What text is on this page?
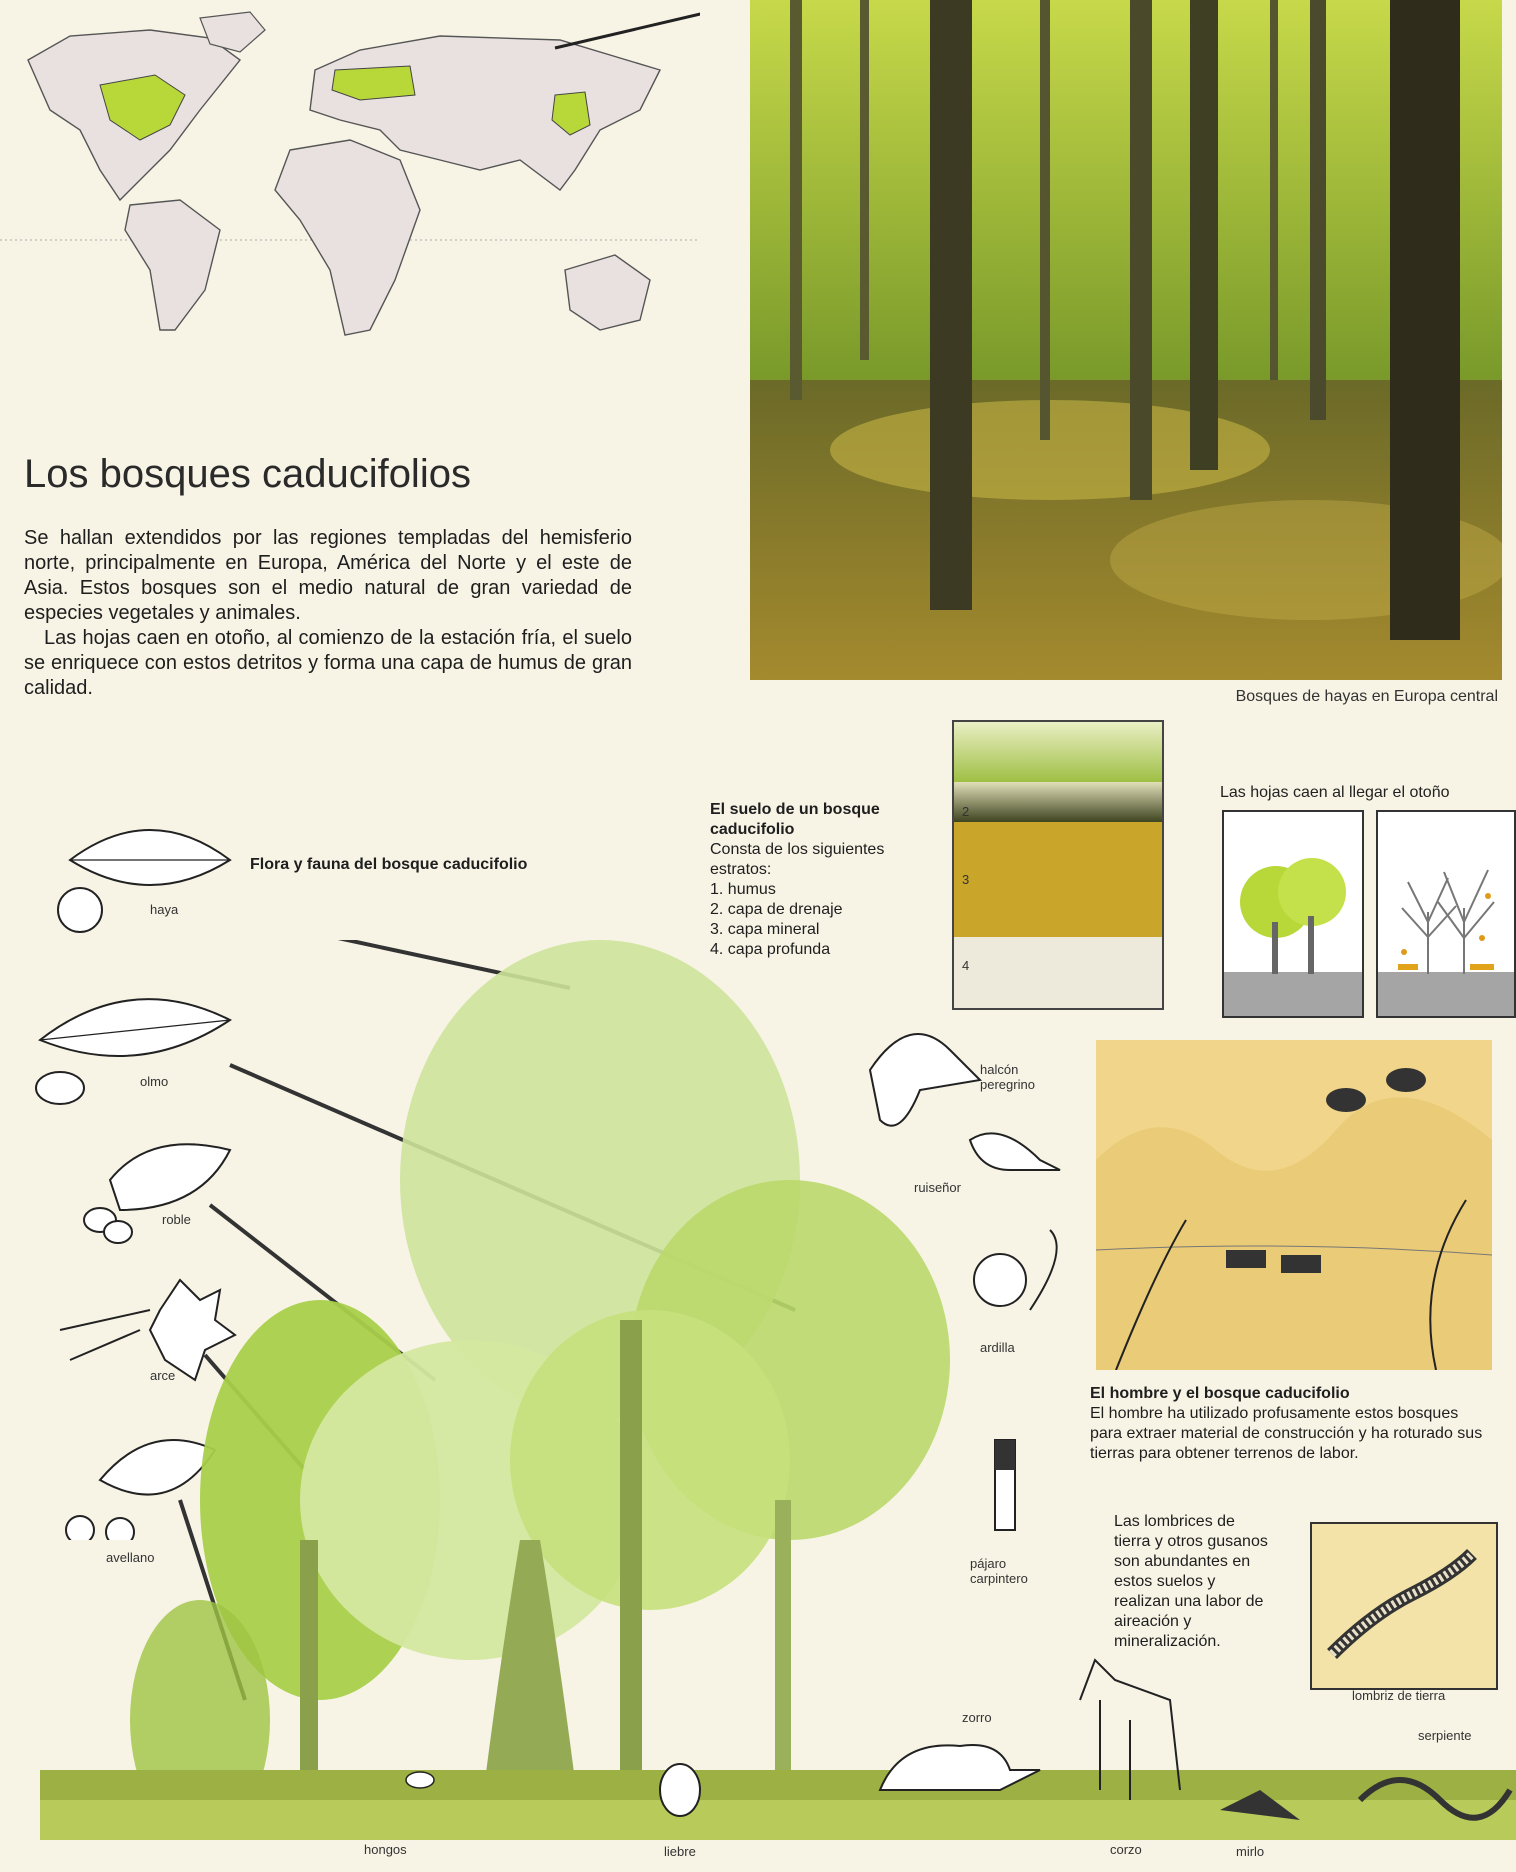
Bosques de hayas en Europa central
Los bosques caducifolios

Se hallan extendidos por las regiones templadas del hemisferio norte, principalmente en Europa, América del Norte y el este de Asia. Estos bosques son el medio natural de gran variedad de especies vegetales y animales.

Las hojas caen en otoño, al comienzo de la estación fría, el suelo se enriquece con estos detritos y forma una capa de humus de gran calidad.

El suelo de un bosque caducifolio
Consta de los siguientes estratos:
1. humus
2. capa de drenaje
3. capa mineral
4. capa profunda
2
3
4
Las hojas caen al llegar el otoño
Flora y fauna del bosque caducifolio
haya
olmo
roble
arce
avellano
halcón peregrino
ruiseñor
ardilla
pájaro carpintero
El hombre y el bosque caducifolio
El hombre ha utilizado profusamente estos bosques para extraer material de construcción y ha roturado sus tierras para obtener terrenos de labor.
Las lombrices de tierra y otros gusanos son abundantes en estos suelos y realizan una labor de aireación y mineralización.
lombriz de tierra
zorro
serpiente
hongos	liebre	corzo	mirlo
